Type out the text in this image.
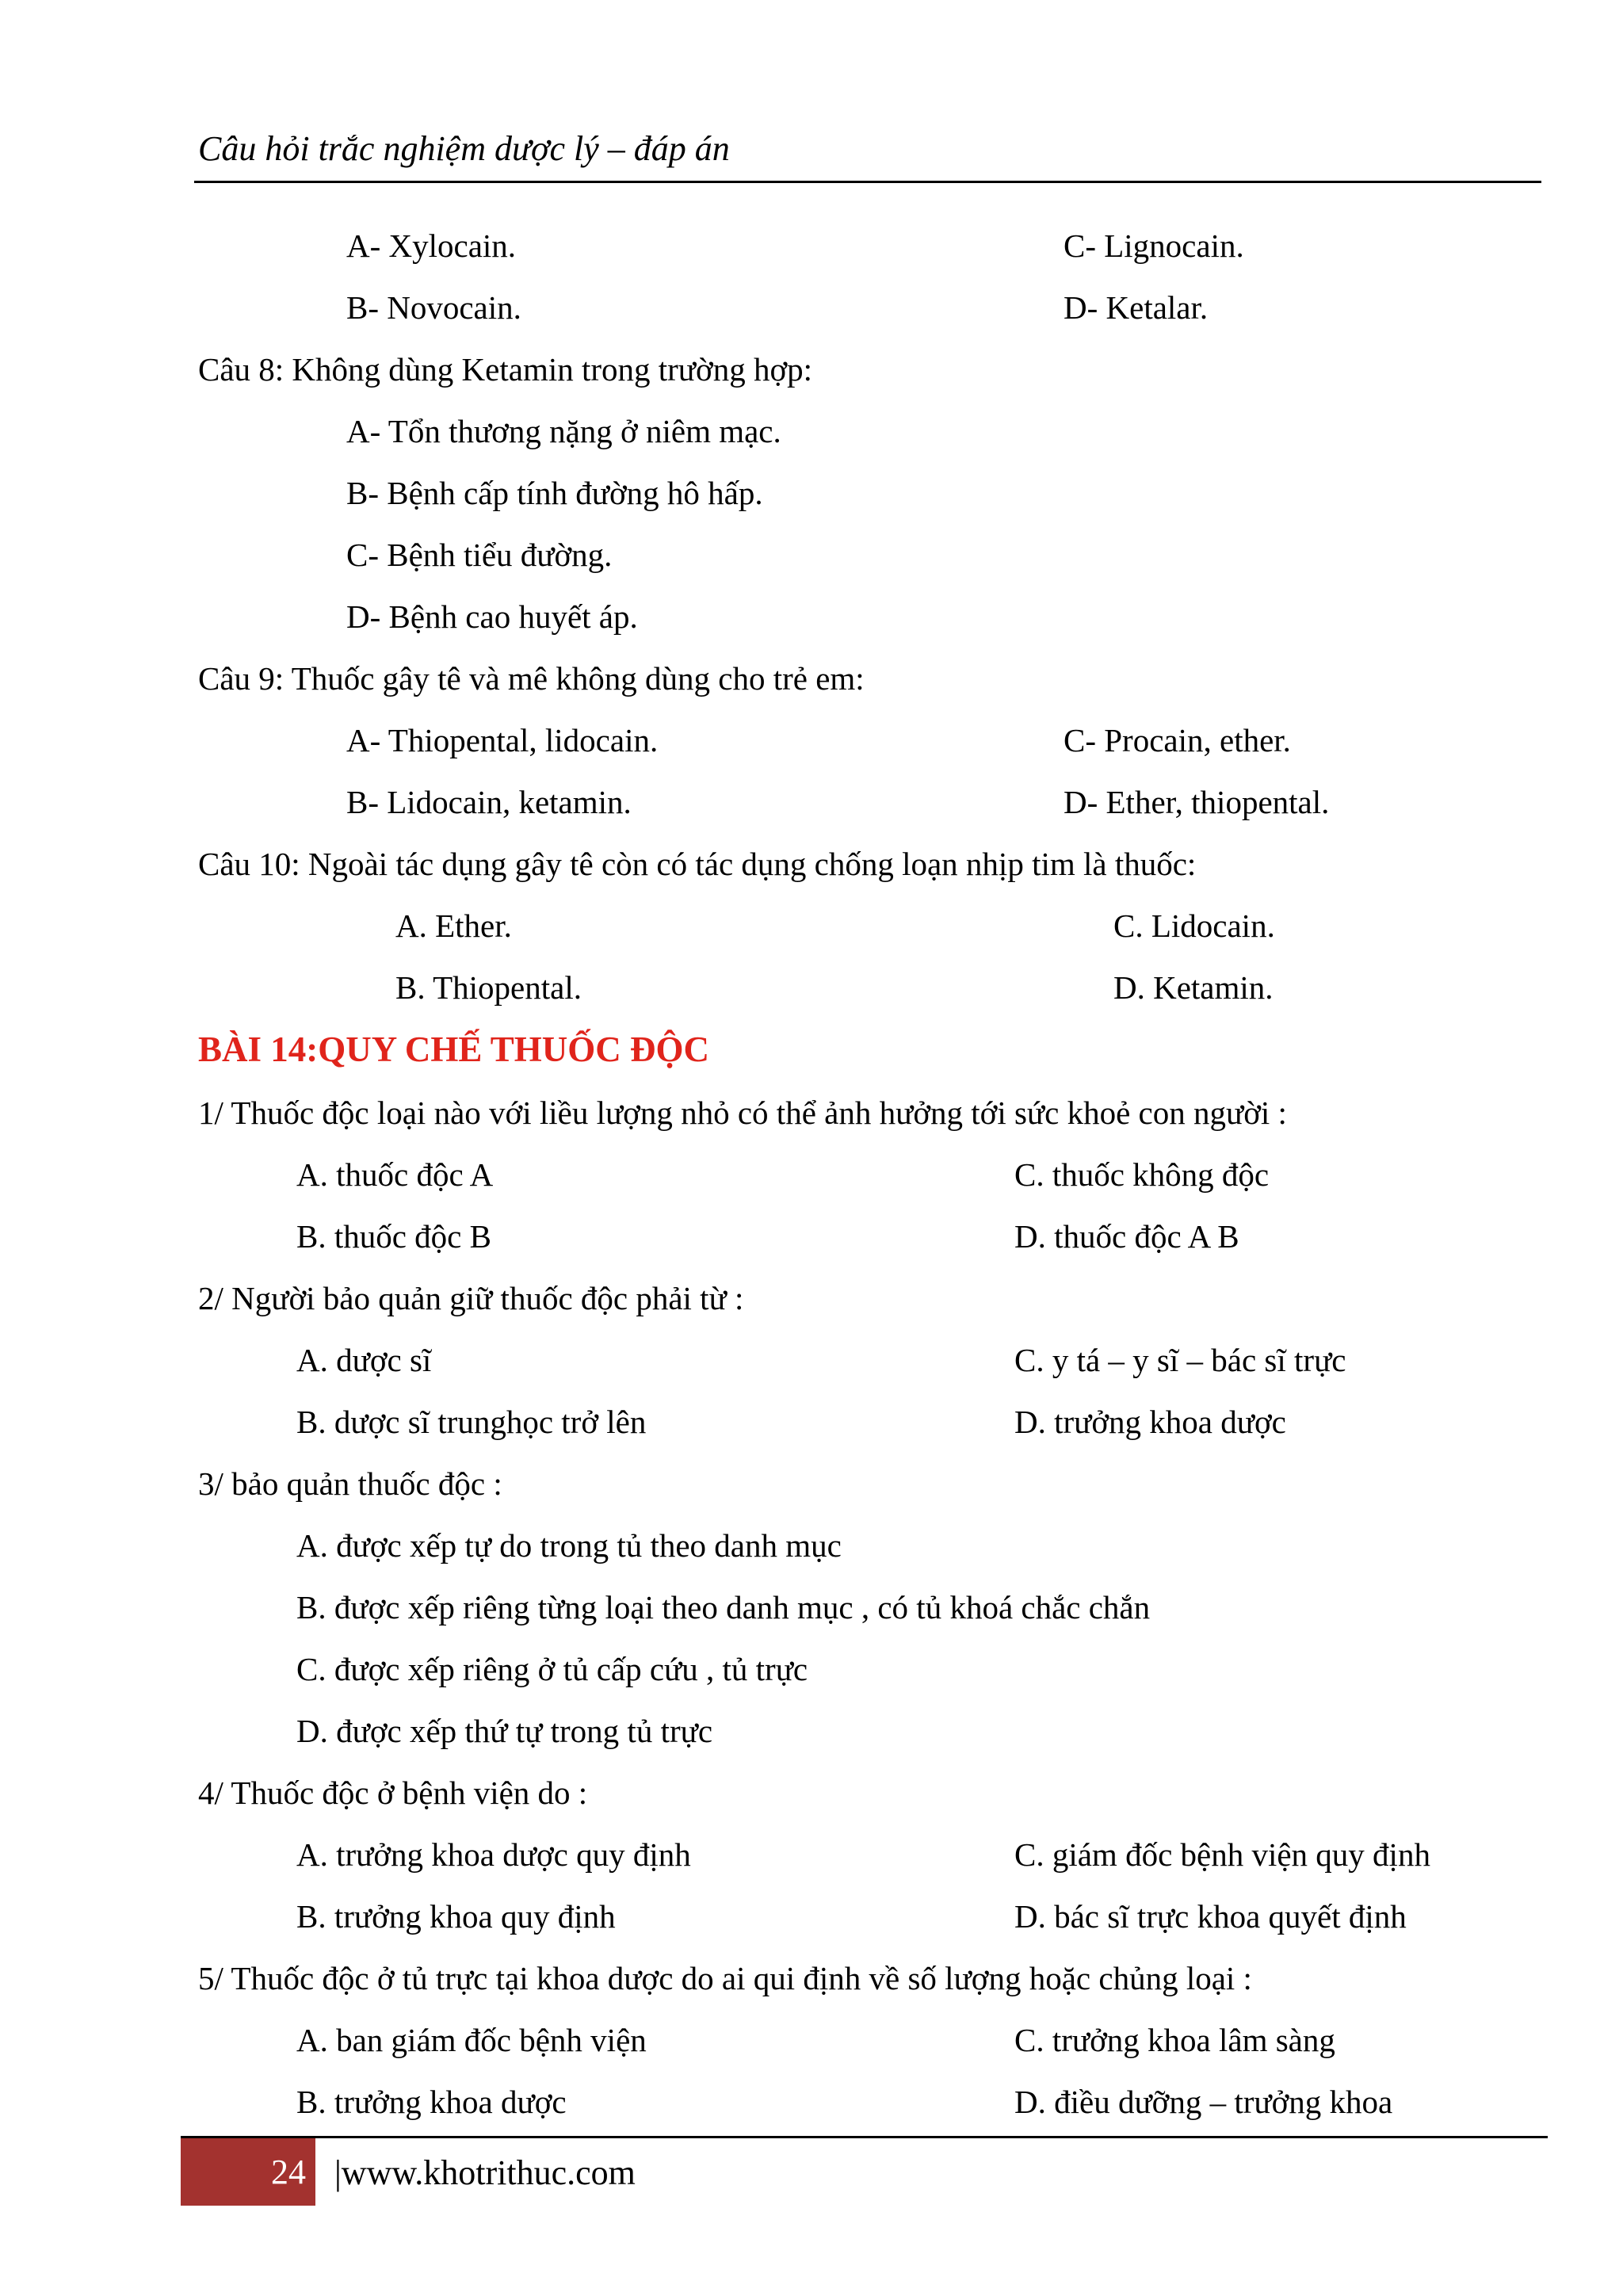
Câu hỏi trắc nghiệm dược lý – đáp án
A- Xylocain.	C- Lignocain.
B- Novocain.	D- Ketalar.
Câu 8: Không dùng Ketamin trong trường hợp:
A- Tổn thương nặng ở niêm mạc.
B- Bệnh cấp tính đường hô hấp.
C- Bệnh tiểu đường.
D- Bệnh cao huyết áp.
Câu 9: Thuốc gây tê và mê không dùng cho trẻ em:
A- Thiopental, lidocain.	C- Procain, ether.
B- Lidocain, ketamin.	D- Ether, thiopental.
Câu 10: Ngoài tác dụng gây tê còn có tác dụng chống loạn nhịp tim là thuốc:
A. Ether.	C. Lidocain.
B. Thiopental.	D. Ketamin.
BÀI 14:QUY CHẾ THUỐC ĐỘC
1/ Thuốc độc loại nào với liều lượng nhỏ có thể ảnh hưởng tới sức khoẻ con người :
A. thuốc độc A	C. thuốc không độc
B. thuốc độc B	D. thuốc độc A B
2/ Người bảo quản giữ thuốc độc phải từ :
A. dược sĩ	C. y tá – y sĩ – bác sĩ trực
B. dược sĩ trunghọc trở lên	D. trưởng khoa dược
3/ bảo quản thuốc độc :
A. được xếp tự do trong tủ theo danh mục
B. được xếp riêng từng loại theo danh mục , có tủ khoá chắc chắn
C. được xếp riêng ở tủ cấp cứu , tủ trực
D. được xếp thứ tự trong tủ trực
4/ Thuốc độc ở bệnh viện do :
A. trưởng khoa dược quy định	C. giám đốc bệnh viện quy định
B. trưởng khoa quy định	D. bác sĩ trực khoa quyết định
5/ Thuốc độc ở tủ trực tại khoa dược do ai qui định về số lượng hoặc chủng loại :
A. ban giám đốc bệnh viện	C. trưởng khoa lâm sàng
B. trưởng khoa dược	D. điều dưỡng – trưởng khoa
24 |www.khotrithuc.com
